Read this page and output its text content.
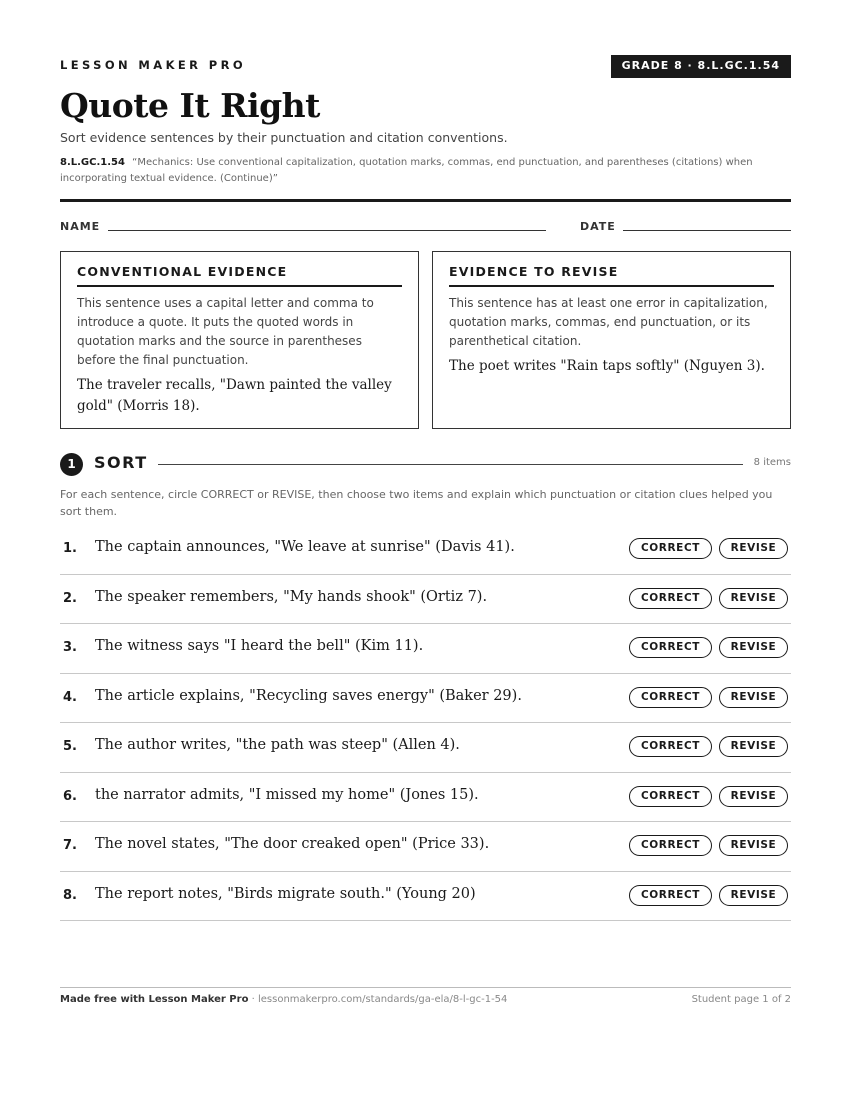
LESSON MAKER PRO	GRADE 8 · 8.L.GC.1.54
Quote It Right
Sort evidence sentences by their punctuation and citation conventions.
8.L.GC.1.54 “Mechanics: Use conventional capitalization, quotation marks, commas, end punctuation, and parentheses (citations) when incorporating textual evidence. (Continue)”
NAME	DATE
CONVENTIONAL EVIDENCE
This sentence uses a capital letter and comma to introduce a quote. It puts the quoted words in quotation marks and the source in parentheses before the final punctuation.
The traveler recalls, "Dawn painted the valley gold" (Morris 18).
EVIDENCE TO REVISE
This sentence has at least one error in capitalization, quotation marks, commas, end punctuation, or its parenthetical citation.
The poet writes "Rain taps softly" (Nguyen 3).
1	SORT	8 items
For each sentence, circle CORRECT or REVISE, then choose two items and explain which punctuation or citation clues helped you sort them.
1. The captain announces, "We leave at sunrise" (Davis 41).	CORRECT	REVISE
2. The speaker remembers, "My hands shook" (Ortiz 7).	CORRECT	REVISE
3. The witness says "I heard the bell" (Kim 11).	CORRECT	REVISE
4. The article explains, "Recycling saves energy" (Baker 29).	CORRECT	REVISE
5. The author writes, "the path was steep" (Allen 4).	CORRECT	REVISE
6. the narrator admits, "I missed my home" (Jones 15).	CORRECT	REVISE
7. The novel states, "The door creaked open" (Price 33).	CORRECT	REVISE
8. The report notes, "Birds migrate south." (Young 20)	CORRECT	REVISE
Made free with Lesson Maker Pro · lessonmakerpro.com/standards/ga-ela/8-l-gc-1-54	Student page 1 of 2
